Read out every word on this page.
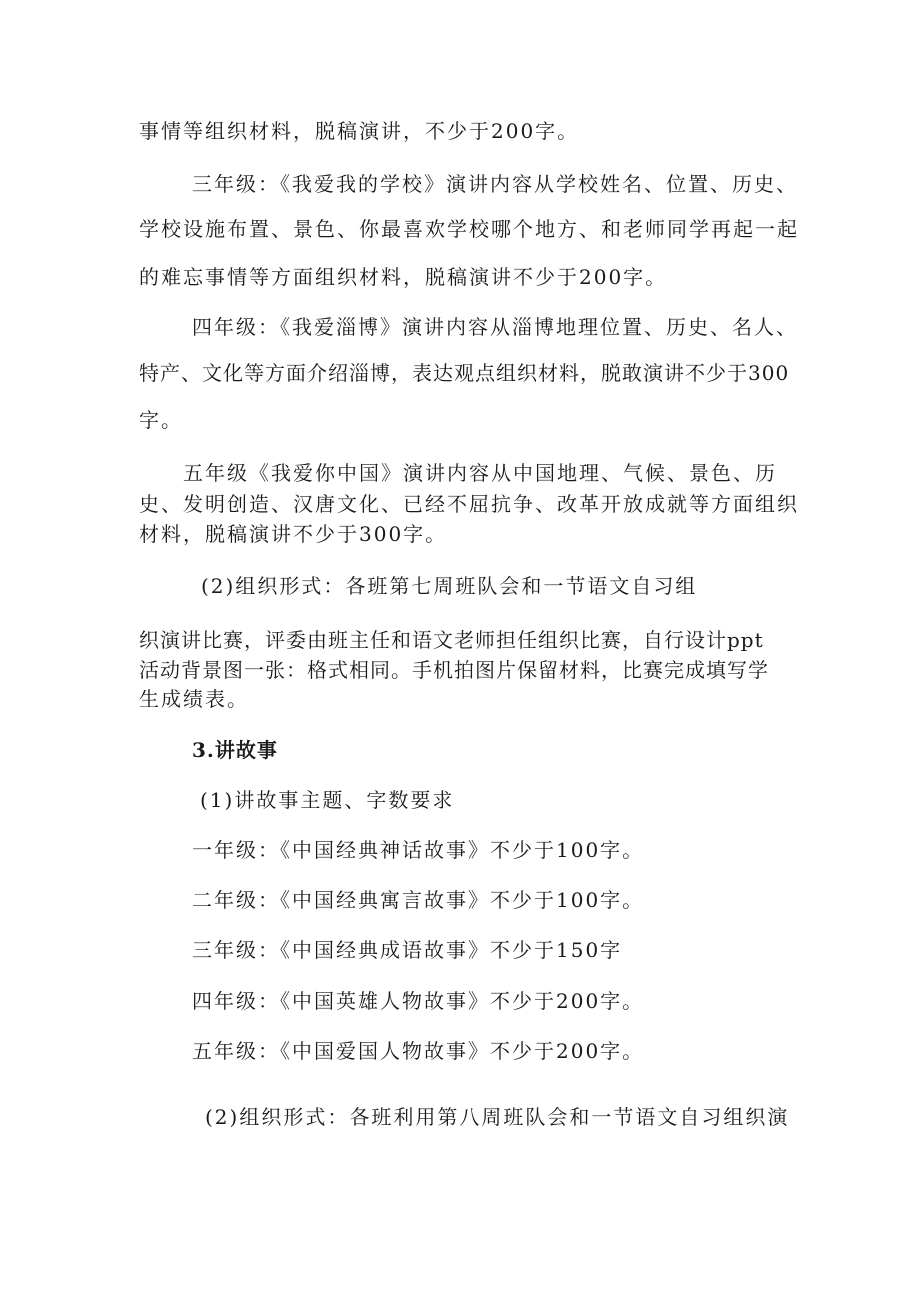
事情等组织材料，脱稿演讲，不少于200字。
三年级：《我爱我的学校》演讲内容从学校姓名、位置、历史、
学校设施布置、景色、你最喜欢学校哪个地方、和老师同学再起一起
的难忘事情等方面组织材料，脱稿演讲不少于200字。
四年级：《我爱淄博》演讲内容从淄博地理位置、历史、名人、
特产、文化等方面介绍淄博，表达观点组织材料，脱敢演讲不少于300
字。
五年级《我爱你中国》演讲内容从中国地理、气候、景色、历
史、发明创造、汉唐文化、已经不屈抗争、改革开放成就等方面组织
材料，脱稿演讲不少于300字。
(2)组织形式：各班第七周班队会和一节语文自习组
织演讲比赛，评委由班主任和语文老师担任组织比赛，自行设计ppt
活动背景图一张：格式相同。手机拍图片保留材料，比赛完成填写学
生成绩表。
3.讲故事
(1)讲故事主题、字数要求
一年级：《中国经典神话故事》不少于100字。
二年级：《中国经典寓言故事》不少于100字。
三年级：《中国经典成语故事》不少于150字
四年级：《中国英雄人物故事》不少于200字。
五年级：《中国爱国人物故事》不少于200字。
(2)组织形式：各班利用第八周班队会和一节语文自习组织演
